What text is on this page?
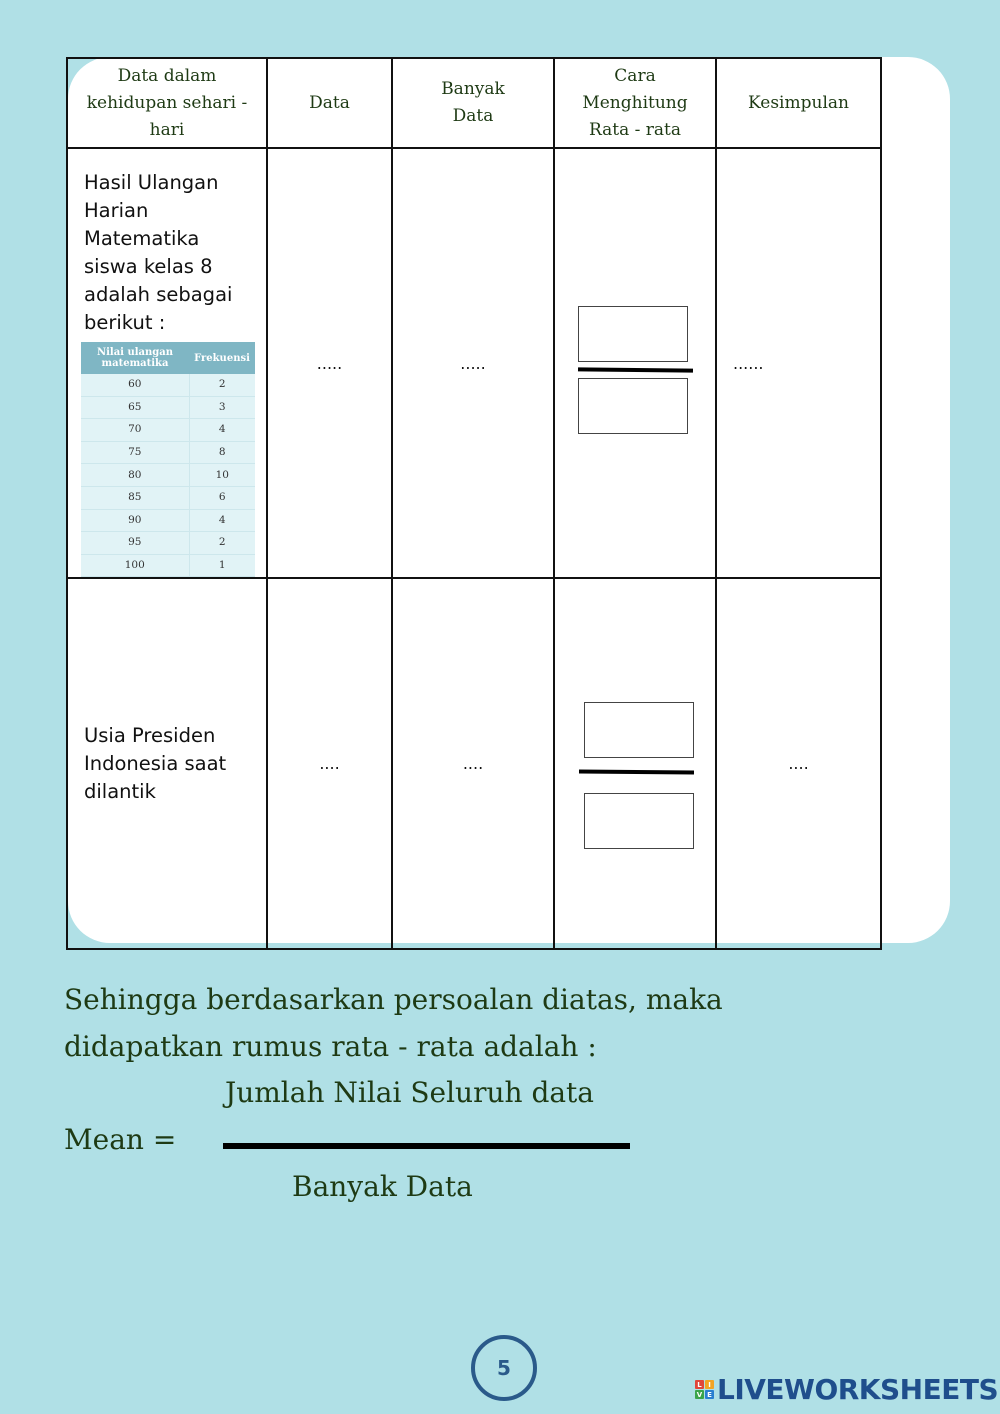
Data dalam kehidupan sehari - hari	Data	Banyak Data	Cara Menghitung Rata - rata	Kesimpulan

Hasil Ulangan Harian Matematika siswa kelas 8 adalah sebagai berikut :
Nilai ulangan matematika	Frekuensi
60	2
65	3
70	4
75	8
80	10
85	6
90	4
95	2
100	1
	.....	.....		......

Usia Presiden Indonesia saat dilantik
	....	....		....

Sehingga berdasarkan persoalan diatas, maka

didapatkan rumus rata - rata adalah :

Jumlah Nilai Seluruh data
Mean =
Banyak Data
5
L I
V E LIVEWORKSHEETS
